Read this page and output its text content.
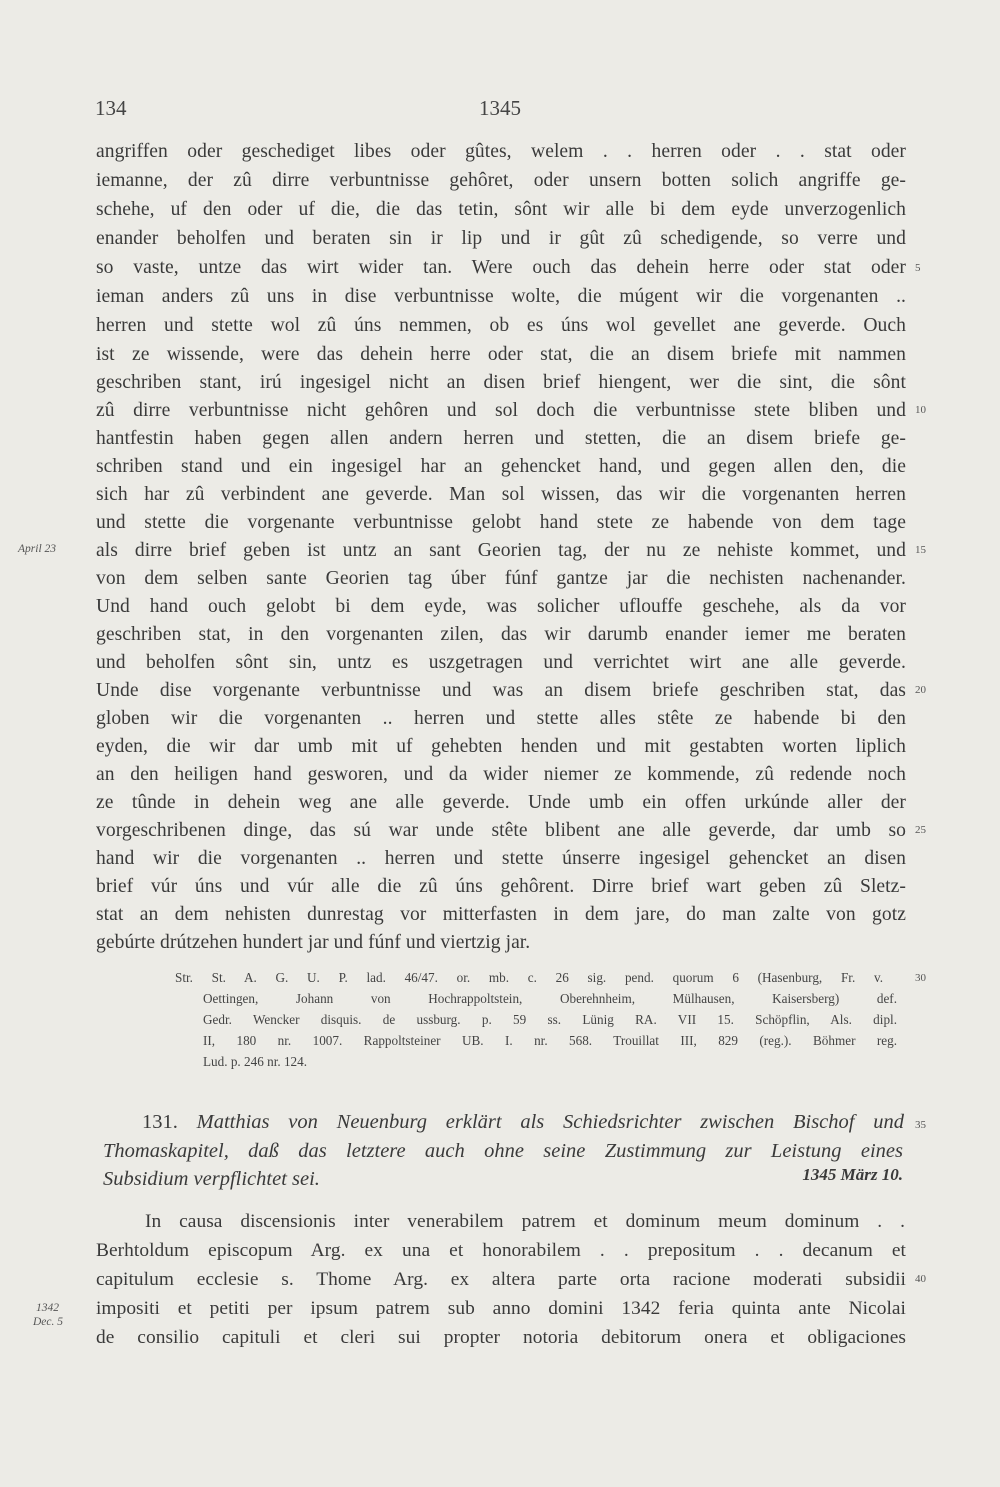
134	1345
angriffen oder geschediget libes oder gûtes, welem . . herren oder . . stat oder
iemanne, der zû dirre verbuntnisse gehôret, oder unsern botten solich angriffe ge-
schehe, uf den oder uf die, die das tetin, sônt wir alle bi dem eyde unverzogenlich
enander beholfen und beraten sin ir lip und ir gût zû schedigende, so verre und
so vaste, untze das wirt wider tan. Were ouch das dehein herre oder stat oder
ieman anders zû uns in dise verbuntnisse wolte, die múgent wir die vorgenanten ..
herren und stette wol zû úns nemmen, ob es úns wol gevellet ane geverde. Ouch
ist ze wissende, were das dehein herre oder stat, die an disem briefe mit nammen
geschriben stant, irú ingesigel nicht an disen brief hiengent, wer die sint, die sônt
zû dirre verbuntnisse nicht gehôren und sol doch die verbuntnisse stete bliben und
hantfestin haben gegen allen andern herren und stetten, die an disem briefe ge-
schriben stand und ein ingesigel har an gehencket hand, und gegen allen den, die
sich har zû verbindent ane geverde. Man sol wissen, das wir die vorgenanten herren
und stette die vorgenante verbuntnisse gelobt hand stete ze habende von dem tage
als dirre brief geben ist untz an sant Georien tag, der nu ze nehiste kommet, und
von dem selben sante Georien tag úber fúnf gantze jar die nechisten nachenander.
Und hand ouch gelobt bi dem eyde, was solicher uflouffe geschehe, als da vor
geschriben stat, in den vorgenanten zilen, das wir darumb enander iemer me beraten
und beholfen sônt sin, untz es uszgetragen und verrichtet wirt ane alle geverde.
Unde dise vorgenante verbuntnisse und was an disem briefe geschriben stat, das
globen wir die vorgenanten .. herren und stette alles stête ze habende bi den
eyden, die wir dar umb mit uf gehebten henden und mit gestabten worten liplich
an den heiligen hand gesworen, und da wider niemer ze kommende, zû redende noch
ze tûnde in dehein weg ane alle geverde. Unde umb ein offen urkúnde aller der
vorgeschribenen dinge, das sú war unde stête blibent ane alle geverde, dar umb so
hand wir die vorgenanten .. herren und stette únserre ingesigel gehencket an disen
brief vúr úns und vúr alle die zû úns gehôrent. Dirre brief wart geben zû Sletz-
stat an dem nehisten dunrestag vor mitterfasten in dem jare, do man zalte von gotz
gebúrte drútzehen hundert jar und fúnf und viertzig jar.
5
10
15
20
25
30
35
40
April 23
1342
Dec. 5
Str. St. A. G. U. P. lad. 46/47. or. mb. c. 26 sig. pend. quorum 6 (Hasenburg, Fr. v.
Oettingen, Johann von Hochrappoltstein, Oberehnheim, Mülhausen, Kaisersberg) def.
Gedr. Wencker disquis. de ussburg. p. 59 ss. Lünig RA. VII 15. Schöpflin, Als. dipl.
II, 180 nr. 1007. Rappoltsteiner UB. I. nr. 568. Trouillat III, 829 (reg.). Böhmer reg.
Lud. p. 246 nr. 124.
131. Matthias von Neuenburg erklärt als Schiedsrichter zwischen Bischof und
Thomaskapitel, daß das letztere auch ohne seine Zustimmung zur Leistung eines
Subsidium verpflichtet sei.	1345 März 10.
In causa discensionis inter venerabilem patrem et dominum meum dominum . .
Berhtoldum episcopum Arg. ex una et honorabilem . . prepositum . . decanum et
capitulum ecclesie s. Thome Arg. ex altera parte orta racione moderati subsidii
impositi et petiti per ipsum patrem sub anno domini 1342 feria quinta ante Nicolai
de consilio capituli et cleri sui propter notoria debitorum onera et obligaciones
